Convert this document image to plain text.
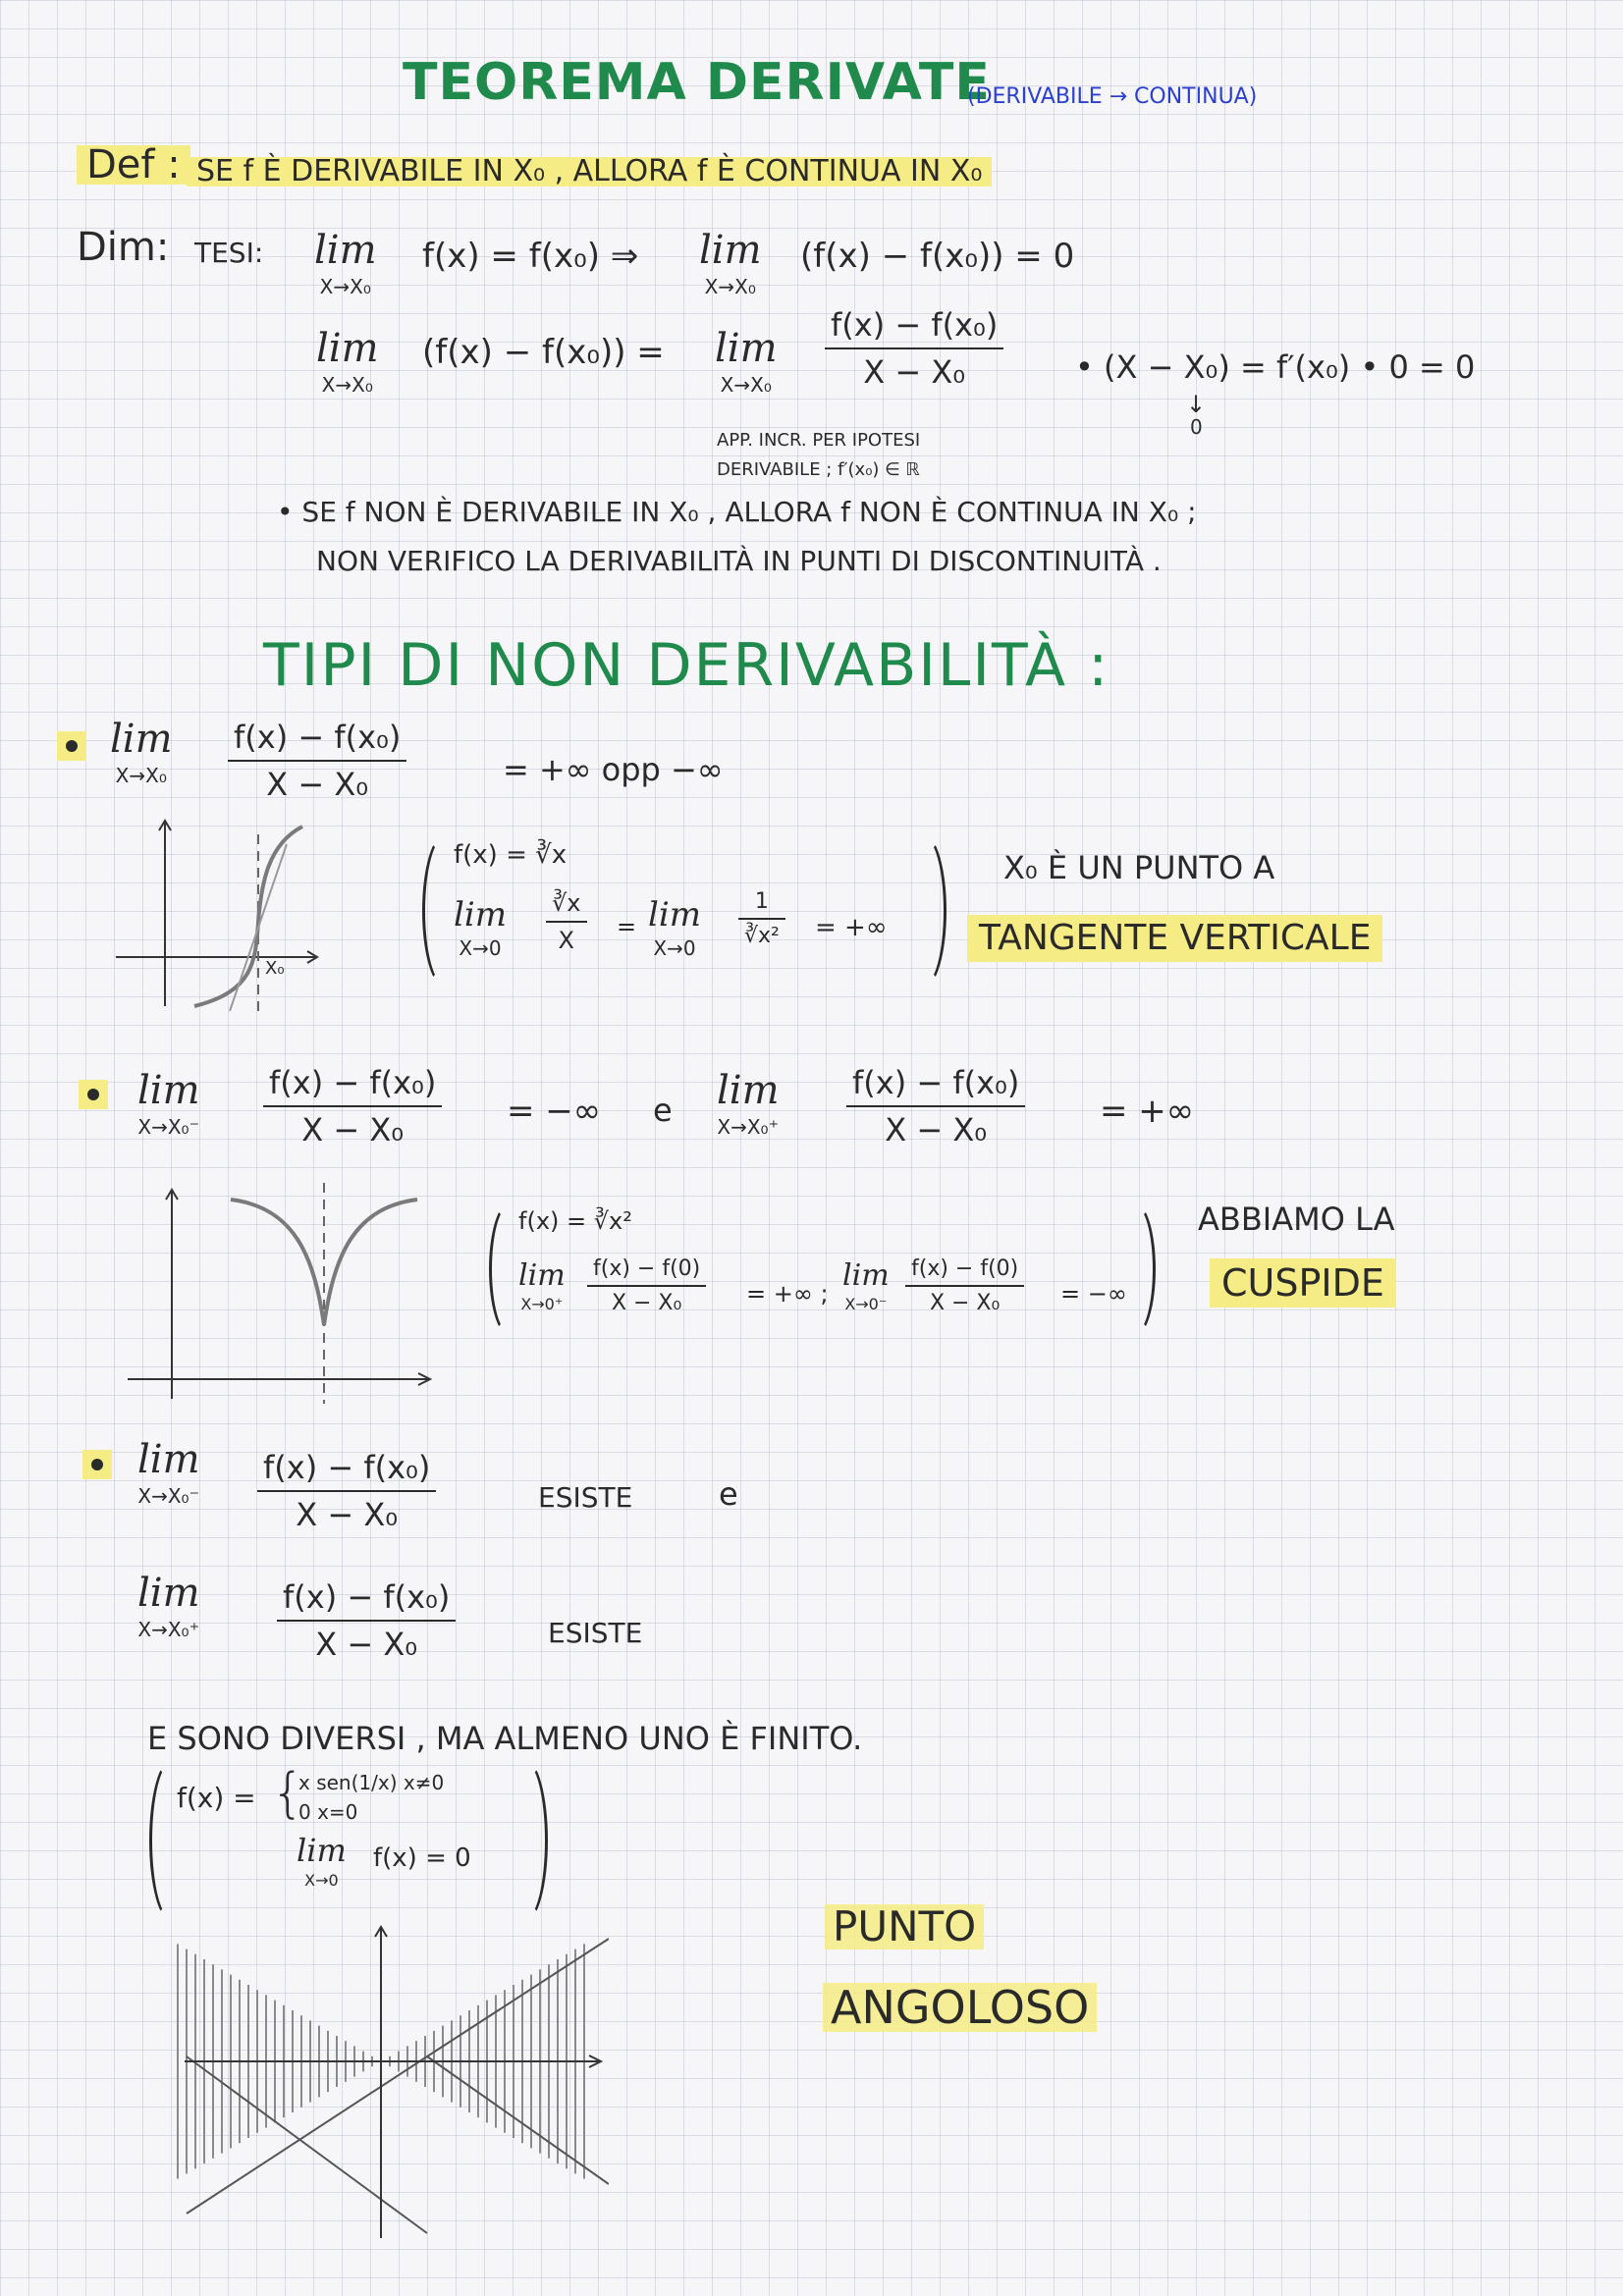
TEOREMA DERIVATE
(DERIVABILE → CONTINUA)
Def : SE f È DERIVABILE IN X₀ , ALLORA f È CONTINUA IN X₀
Dim: TESI: lim
X→X₀
f(x) = f(x₀) ⇒ lim
X→X₀
(f(x) − f(x₀)) = 0
lim
X→X₀
(f(x) − f(x₀)) = lim
X→X₀
f(x) − f(x₀)
X − X₀	• (X − X₀) = f′(x₀) • 0 = 0
↓
0
APP. INCR. PER IPOTESI
DERIVABILE ; f′(x₀) ∈ ℝ
• SE f NON È DERIVABILE IN X₀ , ALLORA f NON È CONTINUA IN X₀ ;
NON VERIFICO LA DERIVABILITÀ IN PUNTI DI DISCONTINUITÀ .
TIPI DI NON DERIVABILITÀ :
lim
X→X₀
f(x) − f(x₀)
X − X₀	= +∞ opp −∞
X₀
f(x) = ∛x
lim
X→0
∛x
X = lim
X→0
1
∛x² = +∞
X₀ È UN PUNTO A
TANGENTE VERTICALE
lim
X→X₀⁻
f(x) − f(x₀)
X − X₀	= −∞ e lim
X→X₀⁺
f(x) − f(x₀)
X − X₀	= +∞
f(x) = ∛x²
lim
X→0⁺
f(x) − f(0)
X − X₀	= +∞ ;
lim
X→0⁻
f(x) − f(0)
X − X₀	= −∞
ABBIAMO LA
CUSPIDE
lim
X→X₀⁻
f(x) − f(x₀)
X − X₀	ESISTE	e
lim
X→X₀⁺
f(x) − f(x₀)
X − X₀	ESISTE
E SONO DIVERSI , MA ALMENO UNO È FINITO.
f(x) = {
x sen(1/x) x≠0
0 x=0
lim
X→0
f(x) = 0
PUNTO
ANGOLOSO
